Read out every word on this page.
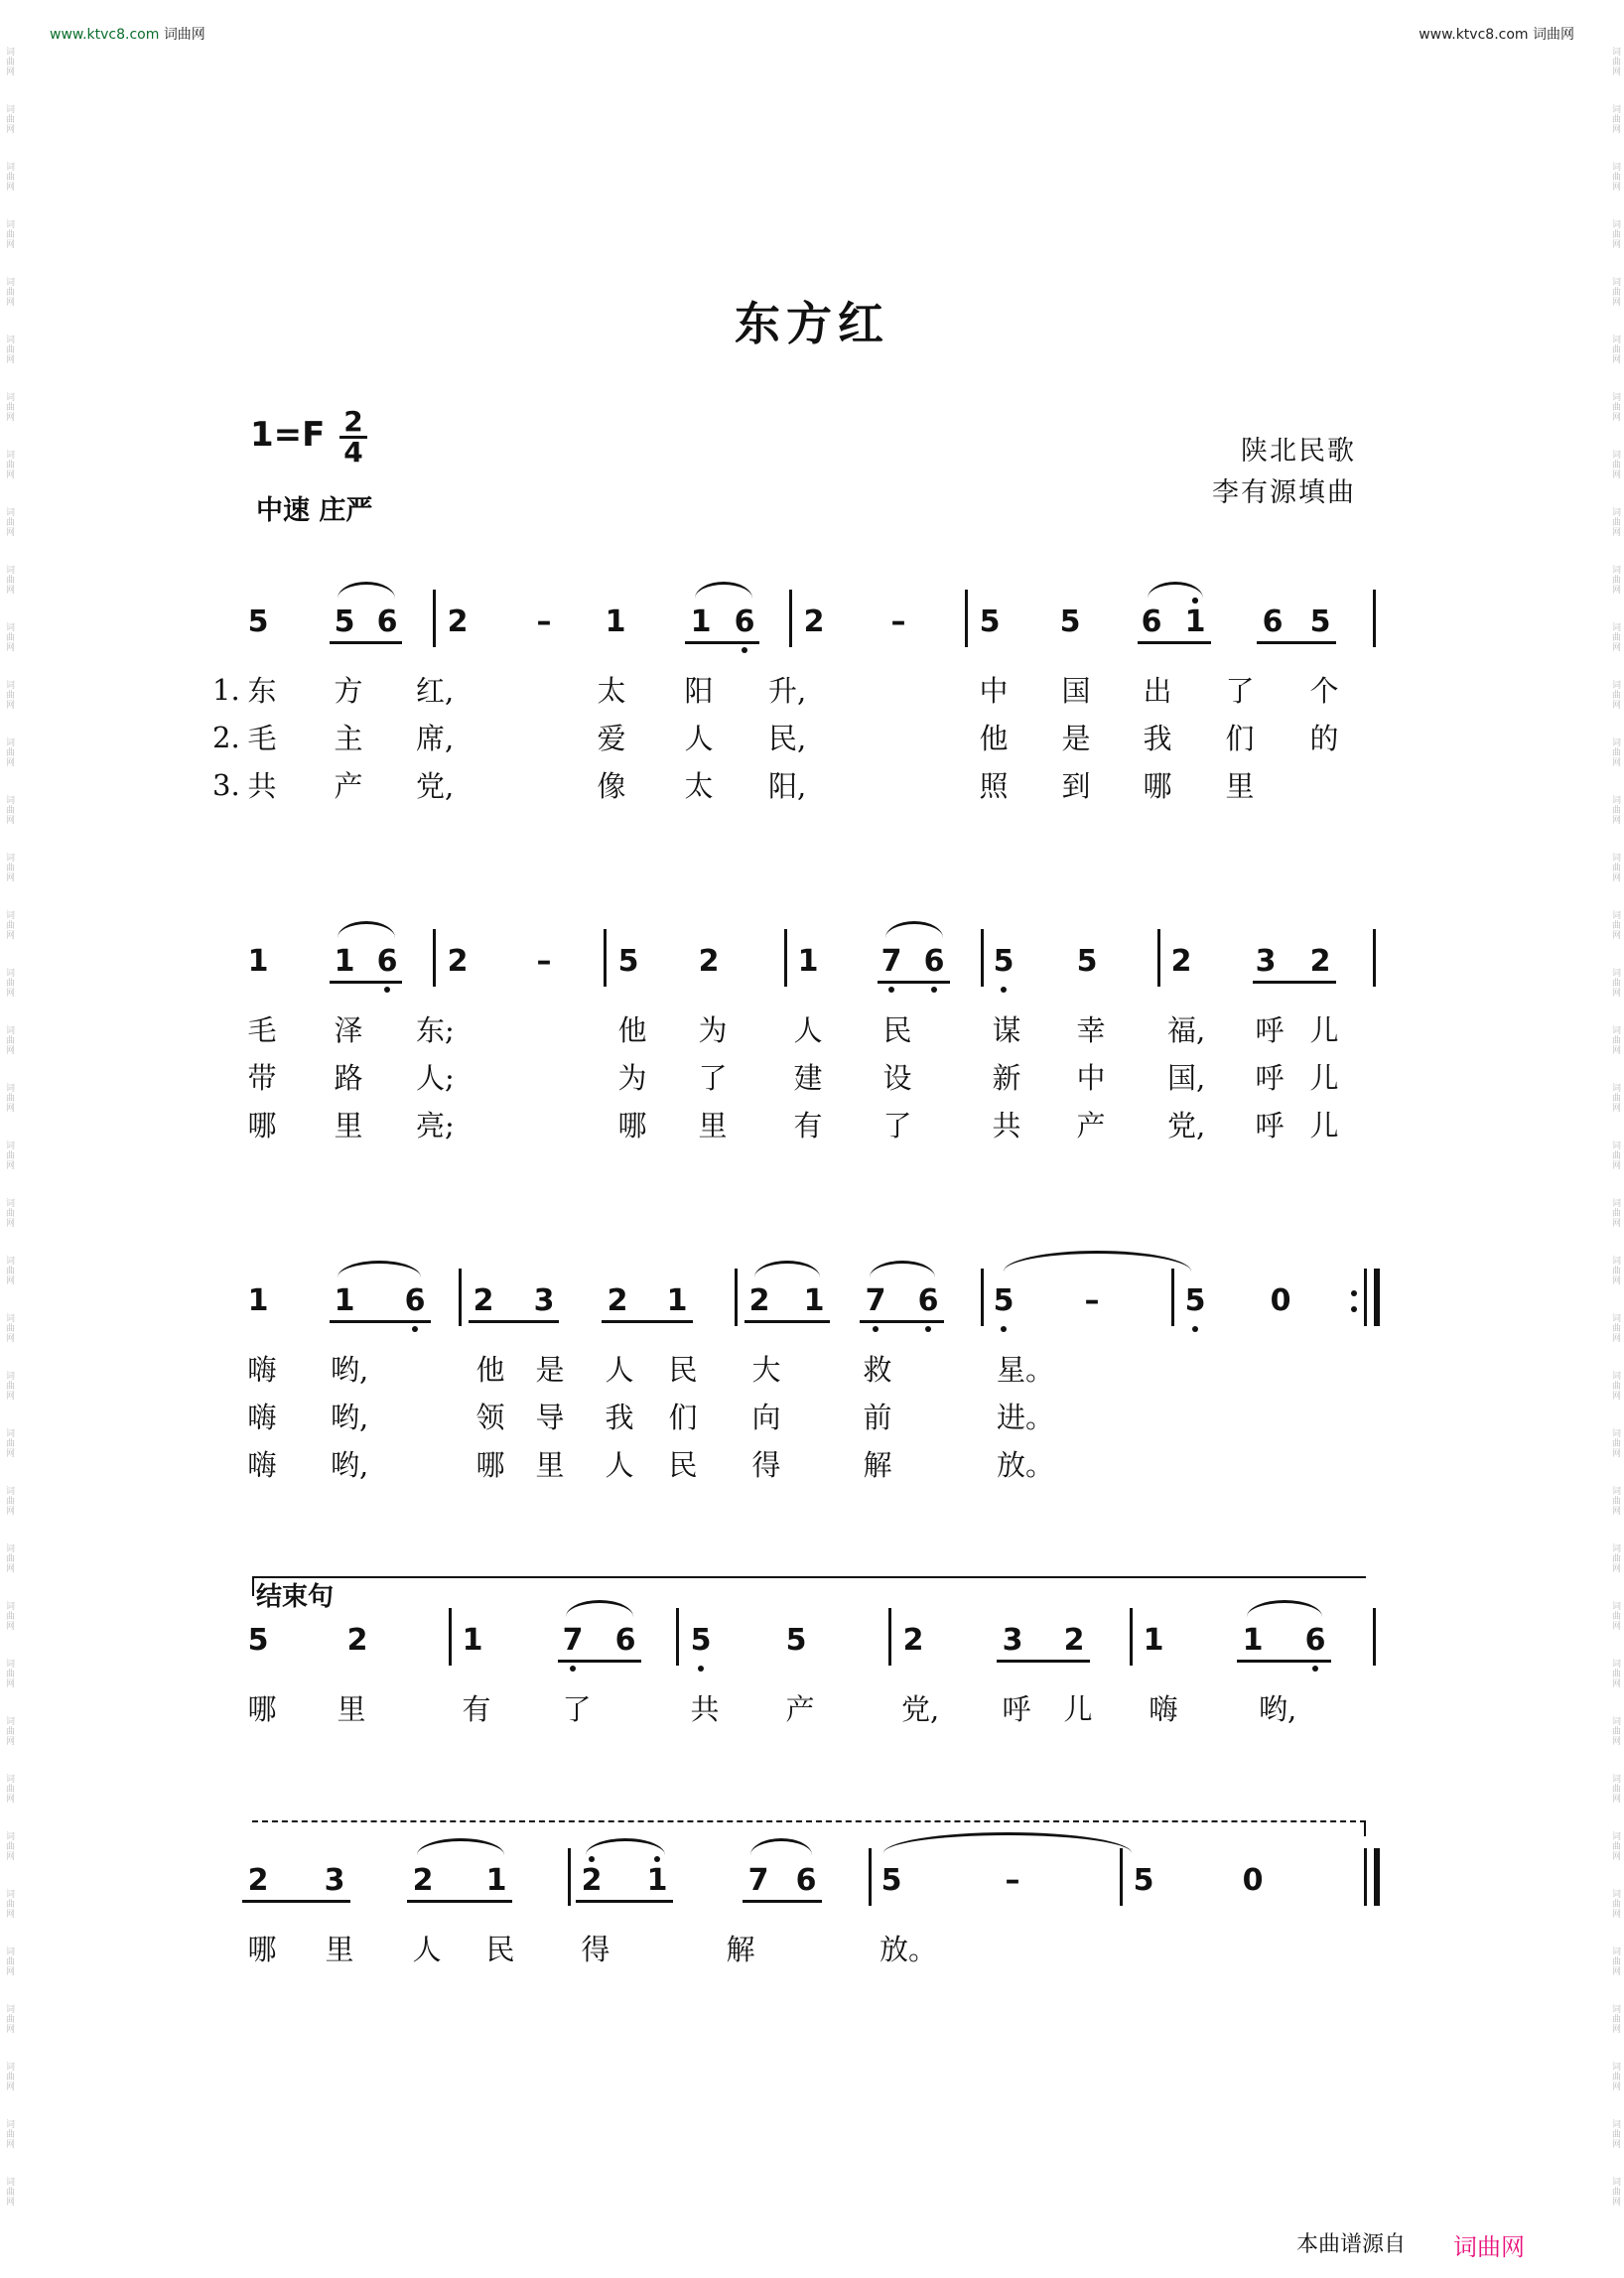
www.ktvc8.com 词曲网	www.ktvc8.com 词曲网
词曲网
词曲网
词曲网
词曲网
词曲网
词曲网
词曲网
词曲网
词曲网
词曲网
词曲网
词曲网
词曲网
词曲网
词曲网
词曲网
词曲网
词曲网
词曲网
词曲网
词曲网
词曲网
词曲网
词曲网
词曲网
词曲网
词曲网
词曲网
词曲网
词曲网
词曲网
词曲网
词曲网
词曲网
词曲网
词曲网
词曲网
词曲网
词曲网
词曲网
词曲网
词曲网
词曲网
词曲网
词曲网
词曲网
词曲网
词曲网
词曲网
词曲网
词曲网
词曲网
词曲网
词曲网
词曲网
词曲网
词曲网
词曲网
词曲网
词曲网
词曲网
词曲网
词曲网
词曲网
词曲网
词曲网
词曲网
词曲网
词曲网
词曲网
词曲网
词曲网
词曲网
词曲网
词曲网
词曲网
东方红
1=F 2
4
中速 庄严
陕北民歌
李有源填曲
5 5 6 2 – 1 1 6 2 – 5 5 6 1 6 5
1. 东 方 红,	太 阳 升,	中 国 出 了 个
2. 毛 主 席,	爱 人 民,	他 是 我 们 的
3. 共 产 党,	像 太 阳,	照 到 哪 里
1 1 6 2 – 5 2	1 7 6 5 5 2 3 2
毛 泽 东;	他 为 人 民	谋 幸 福, 呼 儿
带 路 人;	为 了 建 设	新 中 国, 呼 儿
哪 里 亮;	哪 里 有 了	共 产 党, 呼 儿
1 1 6 2 3 2 1 2 1 7 6 5 –	5 0
嗨 哟,	他 是 人 民 大	救	星。
嗨 哟,	领 导 我 们 向	前	进。
嗨 哟,	哪 里 人 民 得	解	放。
结束句
5	2	1	7 6 5	5	2	3 2 1	1 6
哪 里	有 了	共 产	党, 呼 儿 嗨	哟,
2 3 2 1	2 1	7 6 5	–	5	0
哪 里 人 民 得	解	放。
本曲谱源自 词曲网
